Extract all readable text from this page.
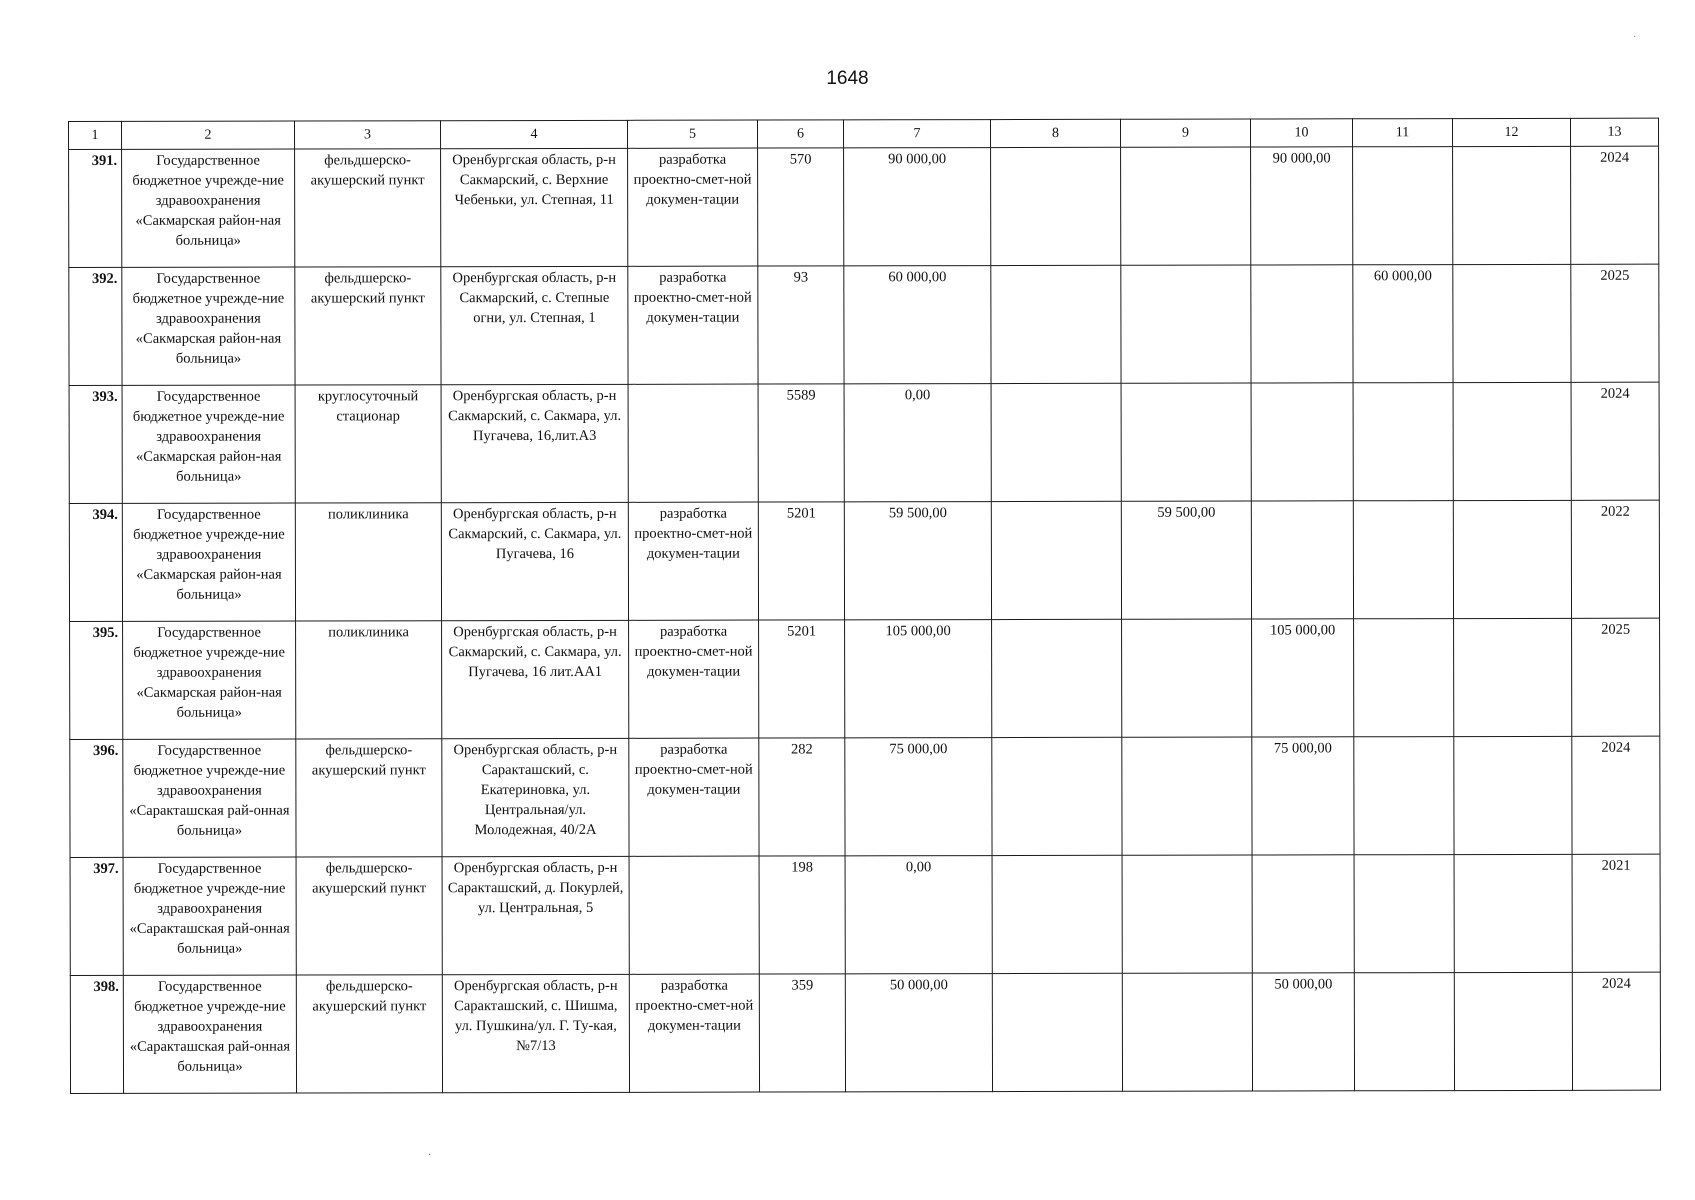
1648
·
·
1	2	3	4	5	6	7	8	9	10	11	12	13
391.	Государственное бюджетное учрежде-ние здравоохранения «Сакмарская район-ная больница»	фельдшерско-акушерский пункт	Оренбургская область, р-н Сакмарский, с. Верхние Чебеньки, ул. Степная, 11	разработка проектно-смет-ной докумен-тации	570	90 000,00			90 000,00			2024
392.	Государственное бюджетное учрежде-ние здравоохранения «Сакмарская район-ная больница»	фельдшерско-акушерский пункт	Оренбургская область, р-н Сакмарский, с. Степные огни, ул. Степная, 1	разработка проектно-смет-ной докумен-тации	93	60 000,00				60 000,00		2025
393.	Государственное бюджетное учрежде-ние здравоохранения «Сакмарская район-ная больница»	круглосуточный стационар	Оренбургская область, р-н Сакмарский, с. Сакмара, ул. Пугачева, 16,лит.А3		5589	0,00						2024
394.	Государственное бюджетное учрежде-ние здравоохранения «Сакмарская район-ная больница»	поликлиника	Оренбургская область, р-н Сакмарский, с. Сакмара, ул. Пугачева, 16	разработка проектно-смет-ной докумен-тации	5201	59 500,00		59 500,00				2022
395.	Государственное бюджетное учрежде-ние здравоохранения «Сакмарская район-ная больница»	поликлиника	Оренбургская область, р-н Сакмарский, с. Сакмара, ул. Пугачева, 16 лит.АА1	разработка проектно-смет-ной докумен-тации	5201	105 000,00			105 000,00			2025
396.	Государственное бюджетное учрежде-ние здравоохранения «Саракташская рай-онная больница»	фельдшерско-акушерский пункт	Оренбургская область, р-н Саракташский, с. Екатериновка, ул. Центральная/ул. Молодежная, 40/2А	разработка проектно-смет-ной докумен-тации	282	75 000,00			75 000,00			2024
397.	Государственное бюджетное учрежде-ние здравоохранения «Саракташская рай-онная больница»	фельдшерско-акушерский пункт	Оренбургская область, р-н Саракташский, д. Покурлей, ул. Центральная, 5		198	0,00						2021
398.	Государственное бюджетное учрежде-ние здравоохранения «Саракташская рай-онная больница»	фельдшерско-акушерский пункт	Оренбургская область, р-н Саракташский, с. Шишма, ул. Пушкина/ул. Г. Ту-кая, №7/13	разработка проектно-смет-ной докумен-тации	359	50 000,00			50 000,00			2024
